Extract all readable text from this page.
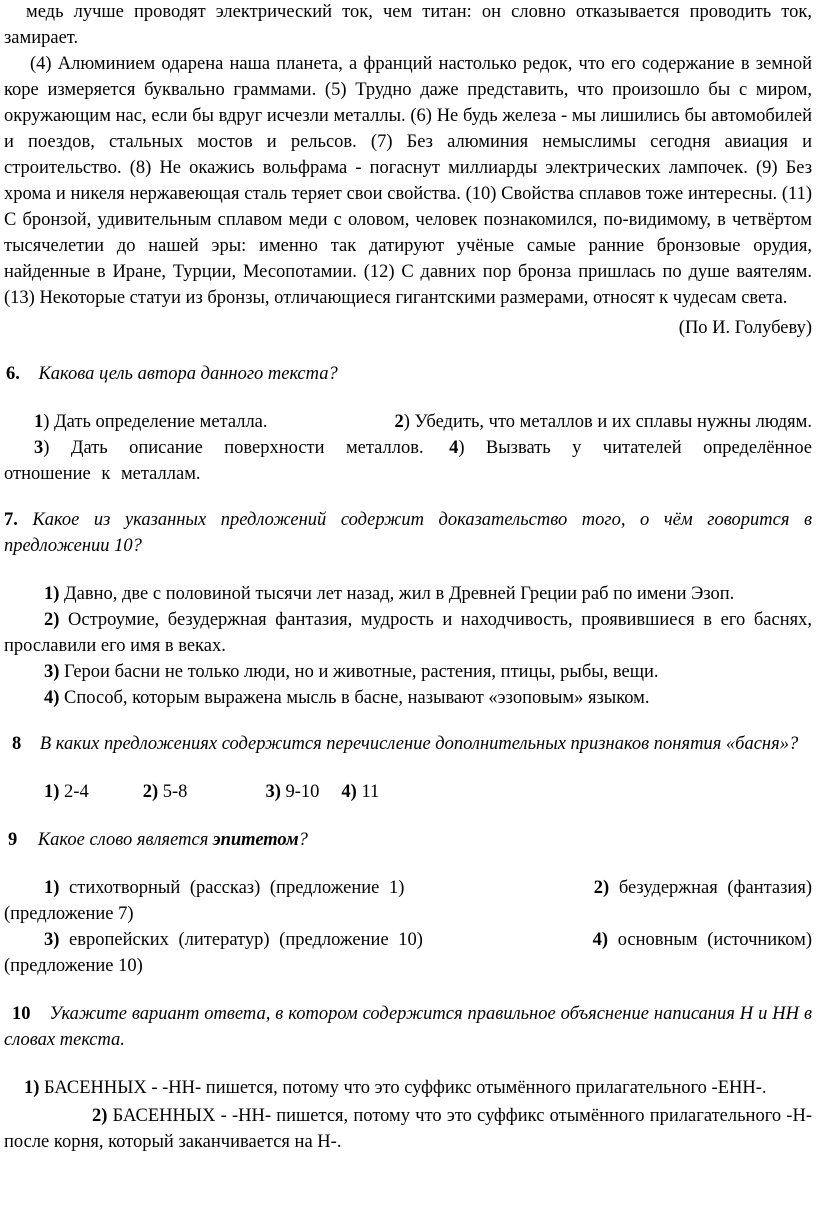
медь лучше проводят электрический ток, чем титан: он словно отказывается проводить ток, замирает.

(4) Алюминием одарена наша планета, а франций настолько редок, что его содержание в земной коре измеряется буквально граммами. (5) Трудно даже представить, что произошло бы с миром, окружающим нас, если бы вдруг исчезли металлы. (6) Не будь железа - мы лишились бы автомобилей и поездов, стальных мостов и рельсов. (7) Без алюминия немыслимы сегодня авиация и строительство. (8) Не окажись вольфрама - погаснут миллиарды электрических лампочек. (9) Без хрома и никеля нержавеющая сталь теряет свои свойства. (10) Свойства сплавов тоже интересны. (11) С бронзой, удивительным сплавом меди с оловом, человек познакомился, по-видимому, в четвёртом тысячелетии до нашей эры: именно так датируют учёные самые ранние бронзовые орудия, найденные в Иране, Турции, Месопотамии. (12) С давних пор бронза пришлась по душе ваятелям. (13) Некоторые статуи из бронзы, отличающиеся гигантскими размерами, относят к чудесам света.

(По И. Голубеву)

6. Какова цель автора данного текста?

1) Дать определение металла.	2) Убедить, что металлов и их сплавы нужны людям.

3) Дать описание поверхности металлов. 4) Вызвать у читателей определённое отношение к металлам.

7. Какое из указанных предложений содержит доказательство того, о чём говорится в предложении 10?

1) Давно, две с половиной тысячи лет назад, жил в Древней Греции раб по имени Эзоп.

2) Остроумие, безудержная фантазия, мудрость и находчивость, проявившиеся в его баснях, прославили его имя в веках.

3) Герои басни не только люди, но и животные, растения, птицы, рыбы, вещи.

4) Способ, которым выражена мысль в басне, называют «эзоповым» языком.

8 В каких предложениях содержится перечисление дополнительных признаков понятия «басня»?

1) 2-4	2) 5-8	3) 9-10 4) 11

9 Какое слово является эпитетом?

1) стихотворный (рассказ) (предложение 1)	2) безудержная (фантазия)

(предложение 7)

3) европейских (литератур) (предложение 10)	4) основным (источником)

(предложение 10)

10 Укажите вариант ответа, в котором содержится правильное объяснение написания Н и НН в словах текста.

1) БАСЕННЫХ - -НН- пишется, потому что это суффикс отымённого прилагательного -ЕНН-.

2) БАСЕННЫХ - -НН- пишется, потому что это суффикс отымённого прилагательного -Н- после корня, который заканчивается на Н-.
